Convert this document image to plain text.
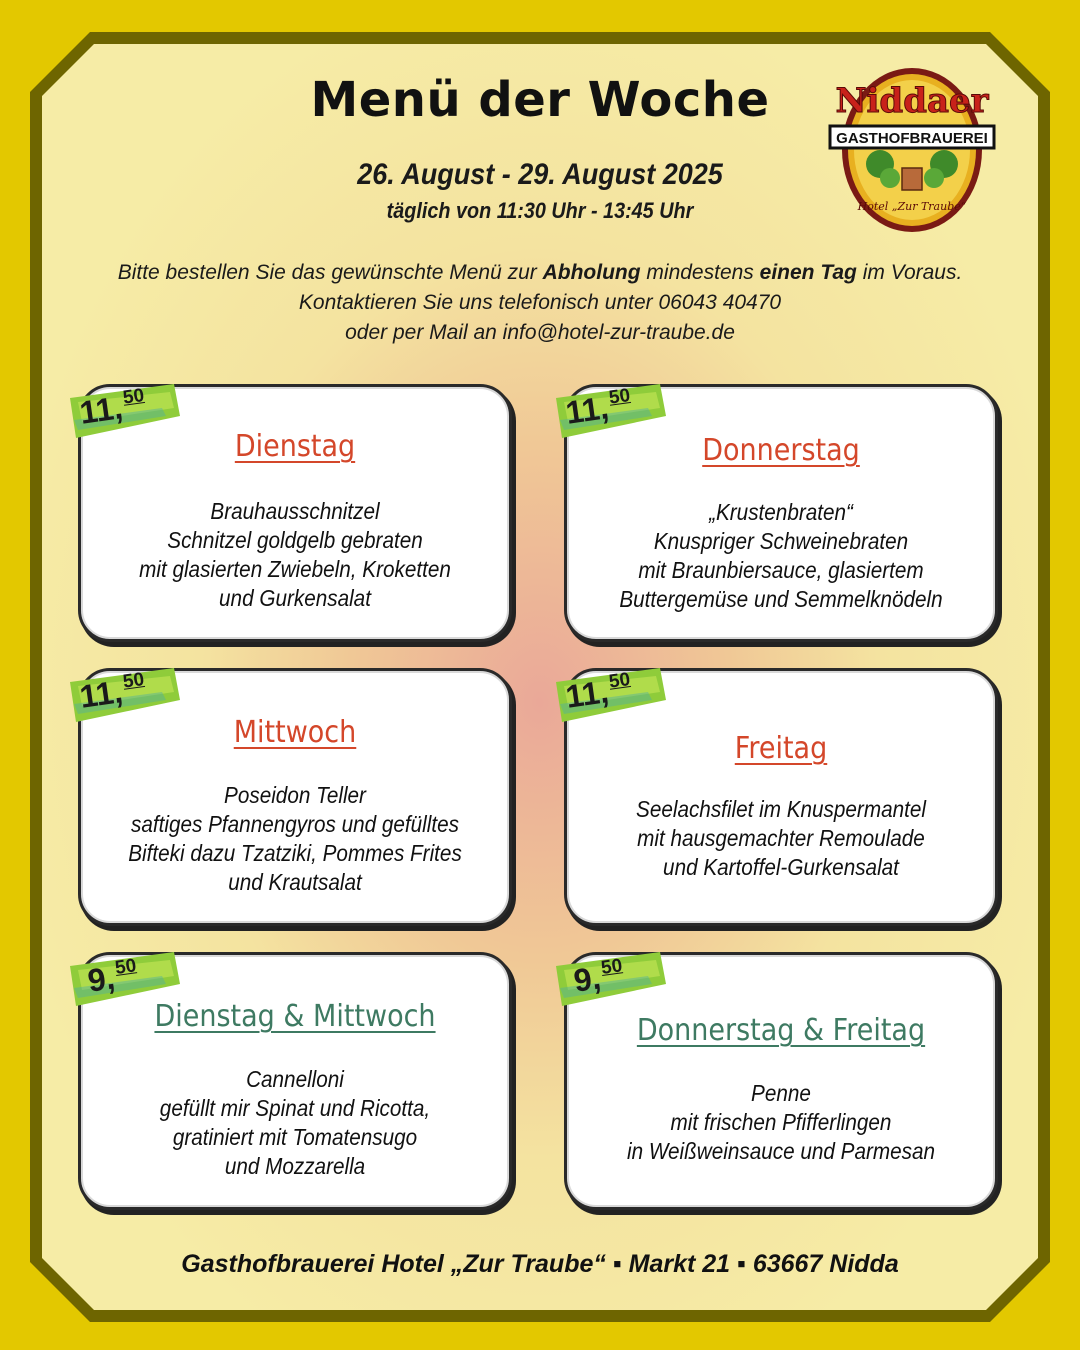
Menü der Woche
26. August - 29. August 2025
täglich von 11:30 Uhr - 13:45 Uhr
Bitte bestellen Sie das gewünschte Menü zur Abholung mindestens einen Tag im Voraus.
Kontaktieren Sie uns telefonisch unter 06043 40470
oder per Mail an info@hotel-zur-traube.de
Niddaer
GASTHOFBRAUEREI
Hotel „Zur Traube“
Dienstag
Brauhausschnitzel
Schnitzel goldgelb gebraten
mit glasierten Zwiebeln, Kroketten
und Gurkensalat
Donnerstag
„Krustenbraten“
Knuspriger Schweinebraten
mit Braunbiersauce, glasiertem
Buttergemüse und Semmelknödeln
Mittwoch
Poseidon Teller
saftiges Pfannengyros und gefülltes
Bifteki dazu Tzatziki, Pommes Frites
und Krautsalat
Freitag
Seelachsfilet im Knuspermantel
mit hausgemachter Remoulade
und Kartoffel-Gurkensalat
Dienstag & Mittwoch
Cannelloni
gefüllt mir Spinat und Ricotta,
gratiniert mit Tomatensugo
und Mozzarella
Donnerstag & Freitag
Penne
mit frischen Pfifferlingen
in Weißweinsauce und Parmesan
11,50	11,50
11,50	11,50
9,50	9,50
Gasthofbrauerei Hotel „Zur Traube“ ▪ Markt 21 ▪ 63667 Nidda
